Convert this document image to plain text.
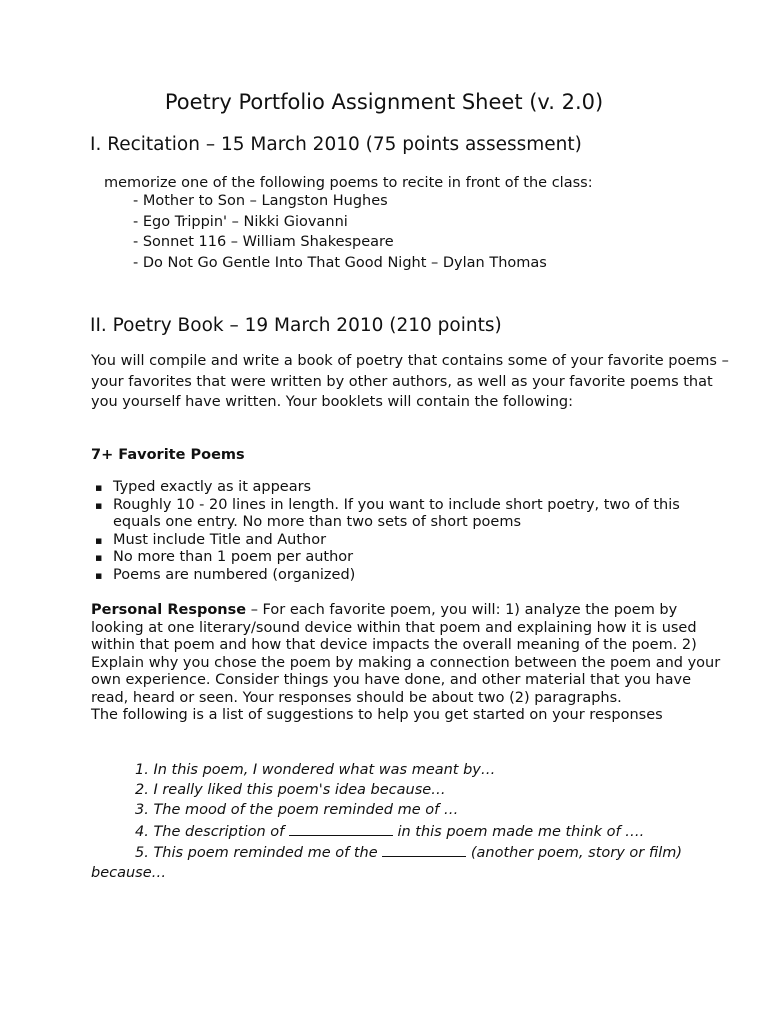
Poetry Portfolio Assignment Sheet (v. 2.0)
I. Recitation – 15 March 2010 (75 points assessment)
memorize one of the following poems to recite in front of the class:
- Mother to Son – Langston Hughes
- Ego Trippin' – Nikki Giovanni
- Sonnet 116 – William Shakespeare
- Do Not Go Gentle Into That Good Night – Dylan Thomas
II. Poetry Book – 19 March 2010 (210 points)

You will compile and write a book of poetry that contains some of your favorite poems – your favorites that were written by other authors, as well as your favorite poems that you yourself have written. Your booklets will contain the following:

7+ Favorite Poems
▪ Typed exactly as it appears
▪ Roughly 10 - 20 lines in length. If you want to include short poetry, two of this equals one entry. No more than two sets of short poems
▪ Must include Title and Author
▪ No more than 1 poem per author
▪ Poems are numbered (organized)

Personal Response – For each favorite poem, you will: 1) analyze the poem by looking at one literary/sound device within that poem and explaining how it is used within that poem and how that device impacts the overall meaning of the poem. 2) Explain why you chose the poem by making a connection between the poem and your own experience. Consider things you have done, and other material that you have read, heard or seen. Your responses should be about two (2) paragraphs.
The following is a list of suggestions to help you get started on your responses

1. In this poem, I wondered what was meant by…
2. I really liked this poem's idea because…
3. The mood of the poem reminded me of …
4. The description of	in this poem made me think of ….
5. This poem reminded me of the	(another poem, story or film) because…
